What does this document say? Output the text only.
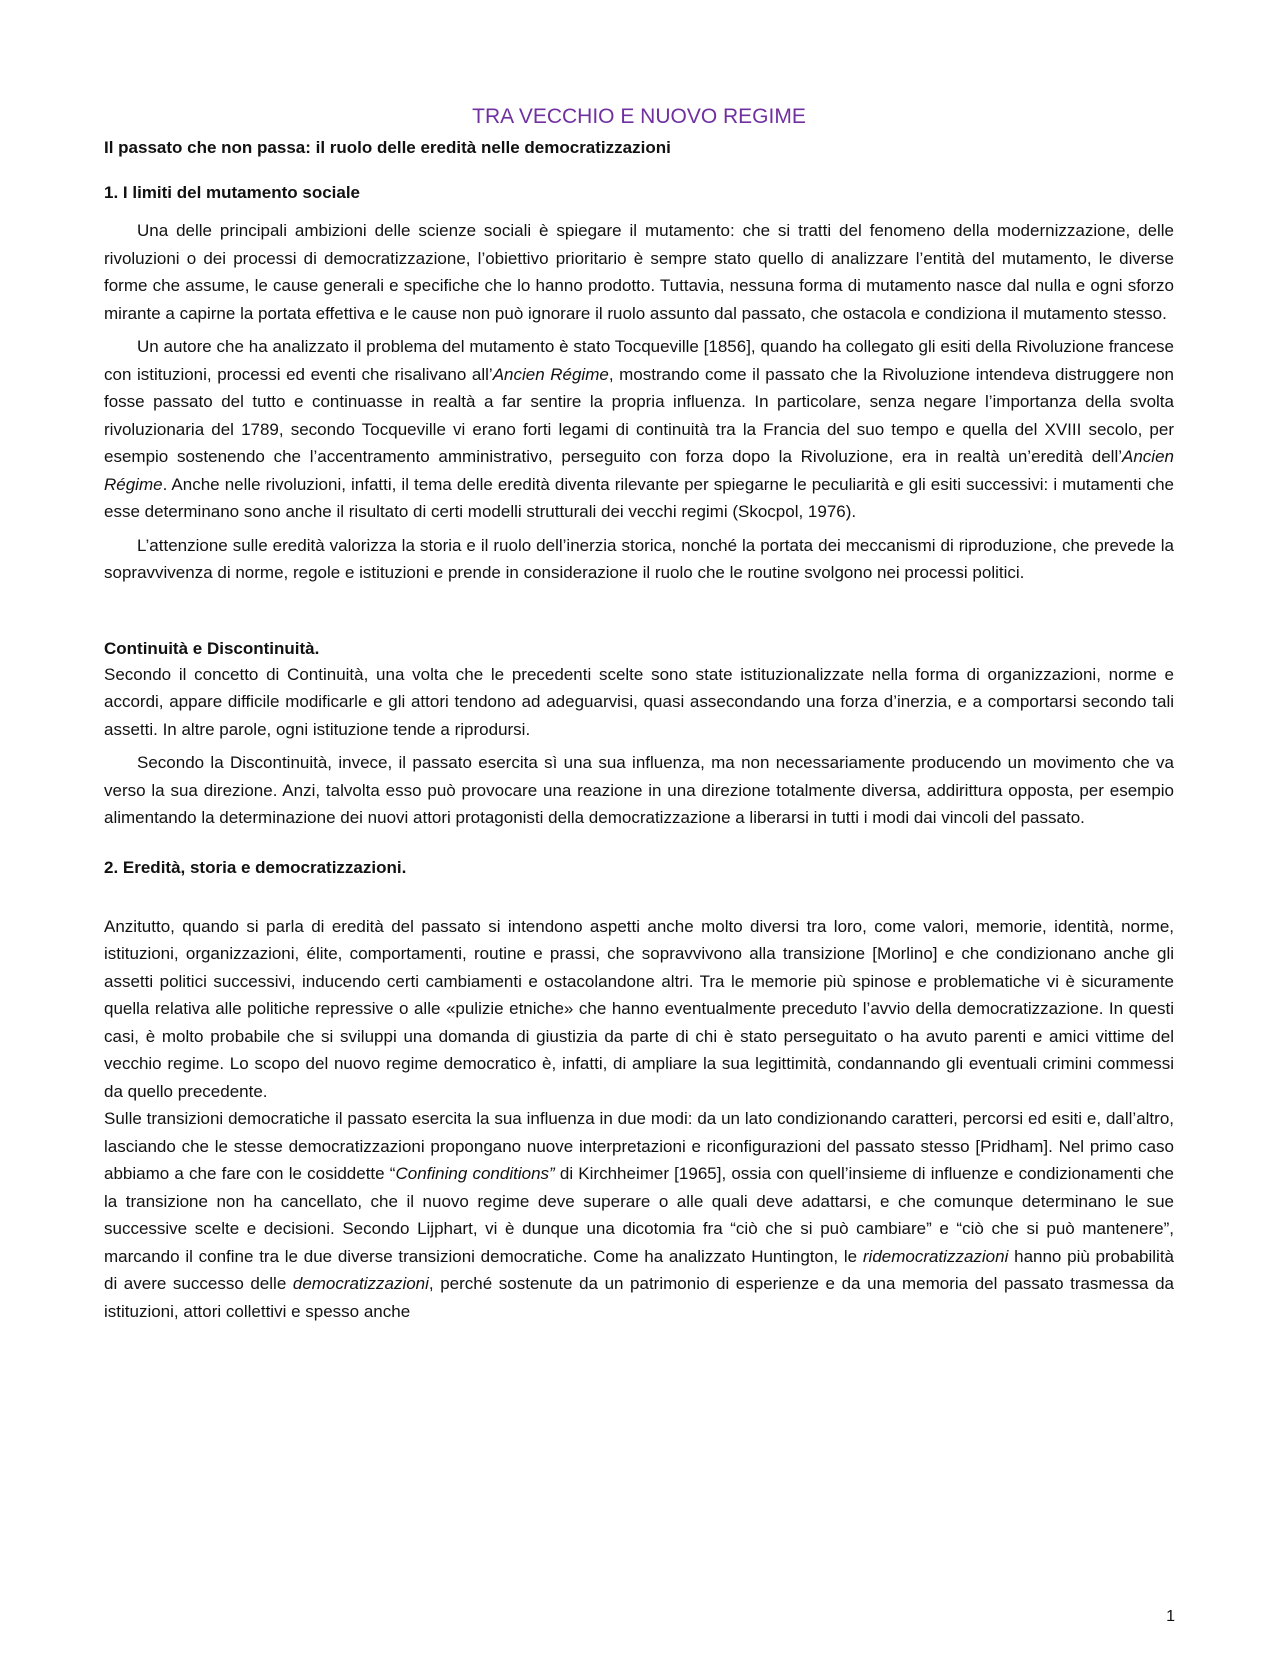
TRA VECCHIO E NUOVO REGIME
Il passato che non passa: il ruolo delle eredità nelle democratizzazioni
1. I limiti del mutamento sociale

Una delle principali ambizioni delle scienze sociali è spiegare il mutamento: che si tratti del fenomeno della modernizzazione, delle rivoluzioni o dei processi di democratizzazione, l’obiettivo prioritario è sempre stato quello di analizzare l’entità del mutamento, le diverse forme che assume, le cause generali e specifiche che lo hanno prodotto. Tuttavia, nessuna forma di mutamento nasce dal nulla e ogni sforzo mirante a capirne la portata effettiva e le cause non può ignorare il ruolo assunto dal passato, che ostacola e condiziona il mutamento stesso.

Un autore che ha analizzato il problema del mutamento è stato Tocqueville [1856], quando ha collegato gli esiti della Rivoluzione francese con istituzioni, processi ed eventi che risalivano all’Ancien Régime, mostrando come il passato che la Rivoluzione intendeva distruggere non fosse passato del tutto e continuasse in realtà a far sentire la propria influenza. In particolare, senza negare l’importanza della svolta rivoluzionaria del 1789, secondo Tocqueville vi erano forti legami di continuità tra la Francia del suo tempo e quella del XVIII secolo, per esempio sostenendo che l’accentramento amministrativo, perseguito con forza dopo la Rivoluzione, era in realtà un’eredità dell’Ancien Régime. Anche nelle rivoluzioni, infatti, il tema delle eredità diventa rilevante per spiegarne le peculiarità e gli esiti successivi: i mutamenti che esse determinano sono anche il risultato di certi modelli strutturali dei vecchi regimi (Skocpol, 1976).

L’attenzione sulle eredità valorizza la storia e il ruolo dell’inerzia storica, nonché la portata dei meccanismi di riproduzione, che prevede la sopravvivenza di norme, regole e istituzioni e prende in considerazione il ruolo che le routine svolgono nei processi politici.

Continuità e Discontinuità.

Secondo il concetto di Continuità, una volta che le precedenti scelte sono state istituzionalizzate nella forma di organizzazioni, norme e accordi, appare difficile modificarle e gli attori tendono ad adeguarvisi, quasi assecondando una forza d’inerzia, e a comportarsi secondo tali assetti. In altre parole, ogni istituzione tende a riprodursi.

Secondo la Discontinuità, invece, il passato esercita sì una sua influenza, ma non necessariamente producendo un movimento che va verso la sua direzione. Anzi, talvolta esso può provocare una reazione in una direzione totalmente diversa, addirittura opposta, per esempio alimentando la determinazione dei nuovi attori protagonisti della democratizzazione a liberarsi in tutti i modi dai vincoli del passato.

2. Eredità, storia e democratizzazioni.

Anzitutto, quando si parla di eredità del passato si intendono aspetti anche molto diversi tra loro, come valori, memorie, identità, norme, istituzioni, organizzazioni, élite, comportamenti, routine e prassi, che sopravvivono alla transizione [Morlino] e che condizionano anche gli assetti politici successivi, inducendo certi cambiamenti e ostacolandone altri. Tra le memorie più spinose e problematiche vi è sicuramente quella relativa alle politiche repressive o alle «pulizie etniche» che hanno eventualmente preceduto l’avvio della democratizzazione. In questi casi, è molto probabile che si sviluppi una domanda di giustizia da parte di chi è stato perseguitato o ha avuto parenti e amici vittime del vecchio regime. Lo scopo del nuovo regime democratico è, infatti, di ampliare la sua legittimità, condannando gli eventuali crimini commessi da quello precedente.

Sulle transizioni democratiche il passato esercita la sua influenza in due modi: da un lato condizionando caratteri, percorsi ed esiti e, dall’altro, lasciando che le stesse democratizzazioni propongano nuove interpretazioni e riconfigurazioni del passato stesso [Pridham]. Nel primo caso abbiamo a che fare con le cosiddette “Confining conditions” di Kirchheimer [1965], ossia con quell’insieme di influenze e condizionamenti che la transizione non ha cancellato, che il nuovo regime deve superare o alle quali deve adattarsi, e che comunque determinano le sue successive scelte e decisioni. Secondo Lijphart, vi è dunque una dicotomia fra “ciò che si può cambiare” e “ciò che si può mantenere”, marcando il confine tra le due diverse transizioni democratiche. Come ha analizzato Huntington, le ridemocratizzazioni hanno più probabilità di avere successo delle democratizzazioni, perché sostenute da un patrimonio di esperienze e da una memoria del passato trasmessa da istituzioni, attori collettivi e spesso anche

1
